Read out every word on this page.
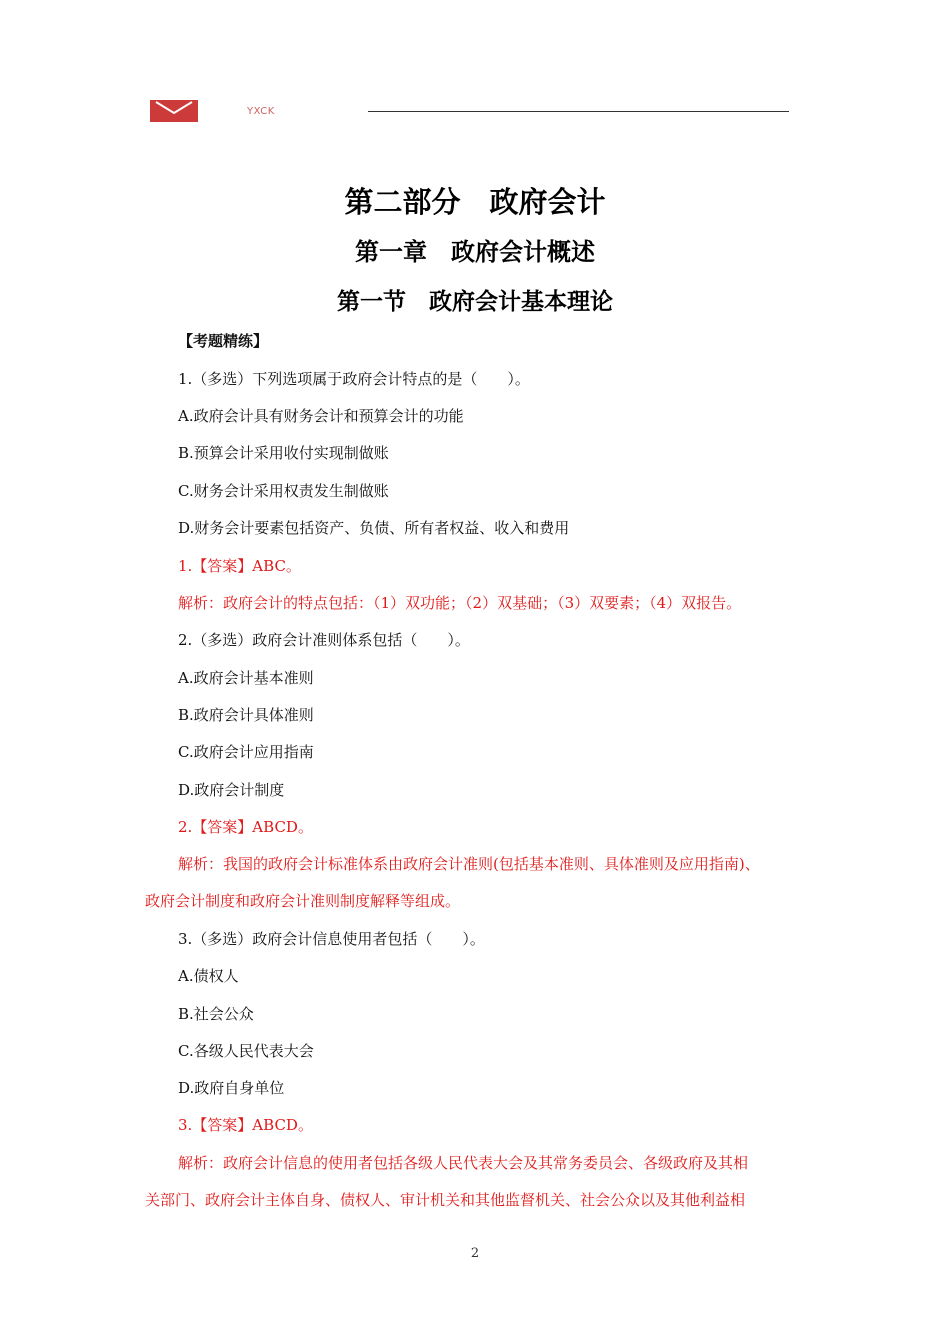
YXCK
第二部分　政府会计
第一章　政府会计概述
第一节　政府会计基本理论
【考题精练】
1.（多选）下列选项属于政府会计特点的是（　　）。
A.政府会计具有财务会计和预算会计的功能
B.预算会计采用收付实现制做账
C.财务会计采用权责发生制做账
D.财务会计要素包括资产、负债、所有者权益、收入和费用
1.【答案】ABC。
解析：政府会计的特点包括：（1）双功能；（2）双基础；（3）双要素；（4）双报告。
2.（多选）政府会计准则体系包括（　　）。
A.政府会计基本准则
B.政府会计具体准则
C.政府会计应用指南
D.政府会计制度
2.【答案】ABCD。
解析：我国的政府会计标准体系由政府会计准则(包括基本准则、具体准则及应用指南)、
政府会计制度和政府会计准则制度解释等组成。
3.（多选）政府会计信息使用者包括（　　）。
A.债权人
B.社会公众
C.各级人民代表大会
D.政府自身单位
3.【答案】ABCD。
解析：政府会计信息的使用者包括各级人民代表大会及其常务委员会、各级政府及其相
关部门、政府会计主体自身、债权人、审计机关和其他监督机关、社会公众以及其他利益相
2
